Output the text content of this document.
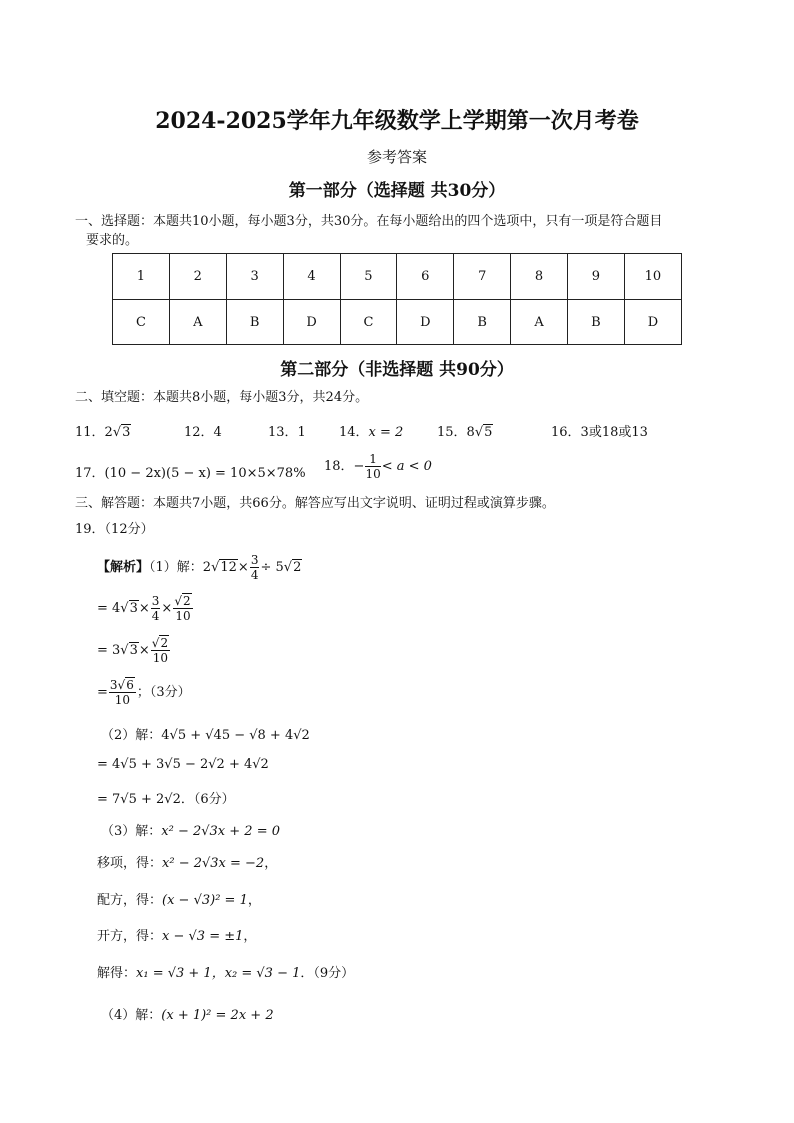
2024-2025学年九年级数学上学期第一次月考卷
参考答案
第一部分（选择题 共30分）
一、选择题：本题共10小题，每小题3分，共30分。在每小题给出的四个选项中，只有一项是符合题目
要求的。
1	2	3	4	5	6	7	8	9	10
C	A	B	D	C	D	B	A	B	D
第二部分（非选择题 共90分）
二、填空题：本题共8小题，每小题3分，共24分。
11．2√3	12．4	13．1	14．x = 2	15．8√5	16．3或18或13
17．(10 − 2x)(5 − x) = 10×5×78% 18．− $\frac{1}{10} < a < 0$
三、解答题：本题共7小题，共66分。解答应写出文字说明、证明过程或演算步骤。
19．（12分）
【解析】（1）解：$2√12\times \frac{3}{4} \div 5√2$
= $4√3\times \frac{3}{4} \times \frac{√2}{10}$
= $3√3\times \frac{√2}{10}$
= $\frac{3√6}{10}$ ；（3分）
（2）解：4√5 + √45 − √8 + 4√2
= 4√5 + 3√5 − 2√2 + 4√2
= 7√5 + 2√2．（6分）
（3）解：x² − 2√3x + 2 = 0
移项，得：x² − 2√3x = −2，
配方，得：(x − √3)² = 1，
开方，得：x − √3 = ±1，
解得：x₁ = √3 + 1，x₂ = √3 − 1．（9分）
（4）解：(x + 1)² = 2x + 2
